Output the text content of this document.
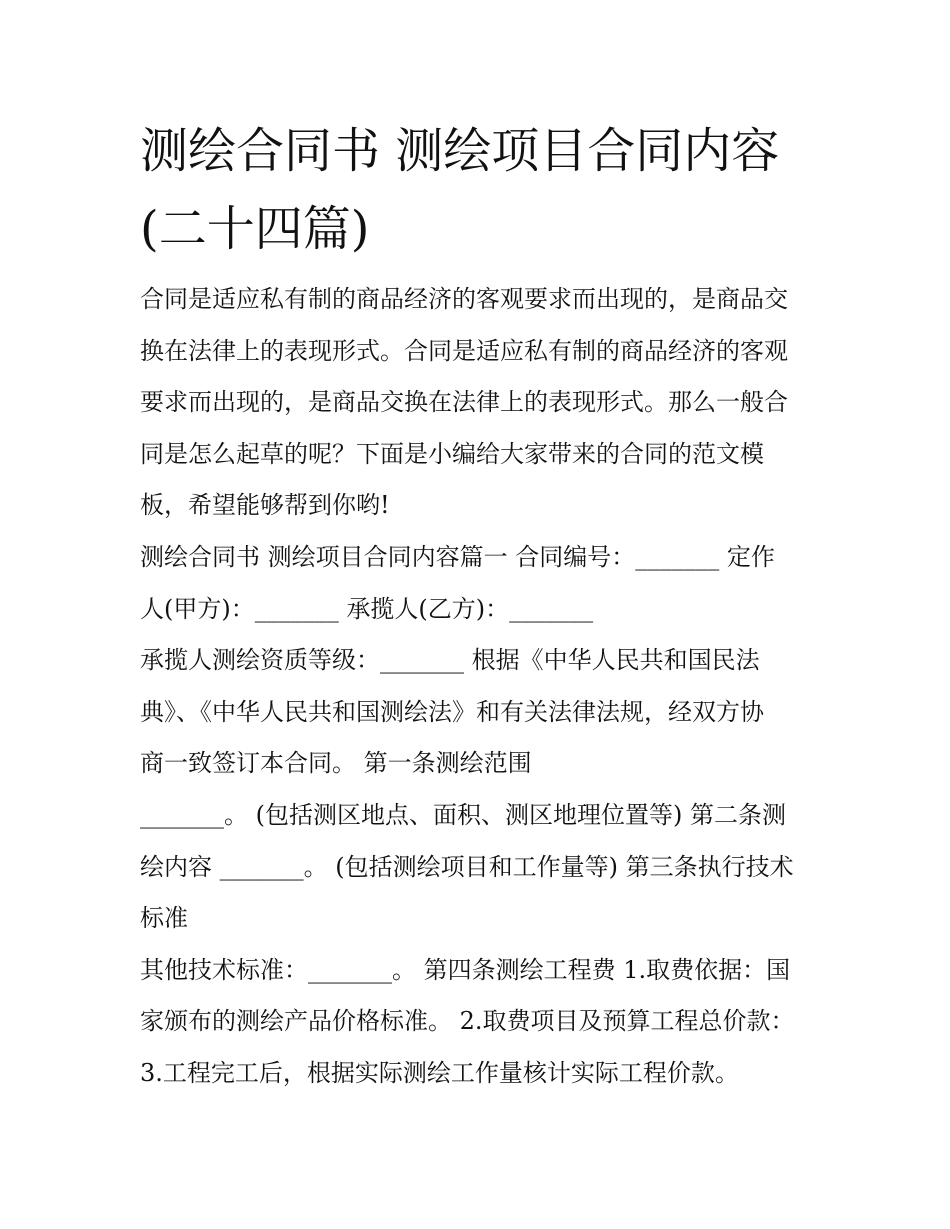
测绘合同书 测绘项目合同内容
(二十四篇)
合同是适应私有制的商品经济的客观要求而出现的，是商品交
换在法律上的表现形式。合同是适应私有制的商品经济的客观
要求而出现的，是商品交换在法律上的表现形式。那么一般合
同是怎么起草的呢？下面是小编给大家带来的合同的范文模
板，希望能够帮到你哟!
测绘合同书 测绘项目合同内容篇一 合同编号：_______ 定作
人(甲方)：_______ 承揽人(乙方)：_______
承揽人测绘资质等级：_______ 根据《中华人民共和国民法
典》、《中华人民共和国测绘法》和有关法律法规，经双方协
商一致签订本合同。 第一条测绘范围
_______。 (包括测区地点、面积、测区地理位置等) 第二条测
绘内容 _______。 (包括测绘项目和工作量等) 第三条执行技术
标准
其他技术标准：_______。 第四条测绘工程费 1.取费依据：国
家颁布的测绘产品价格标准。 2.取费项目及预算工程总价款：
3.工程完工后，根据实际测绘工作量核计实际工程价款。
